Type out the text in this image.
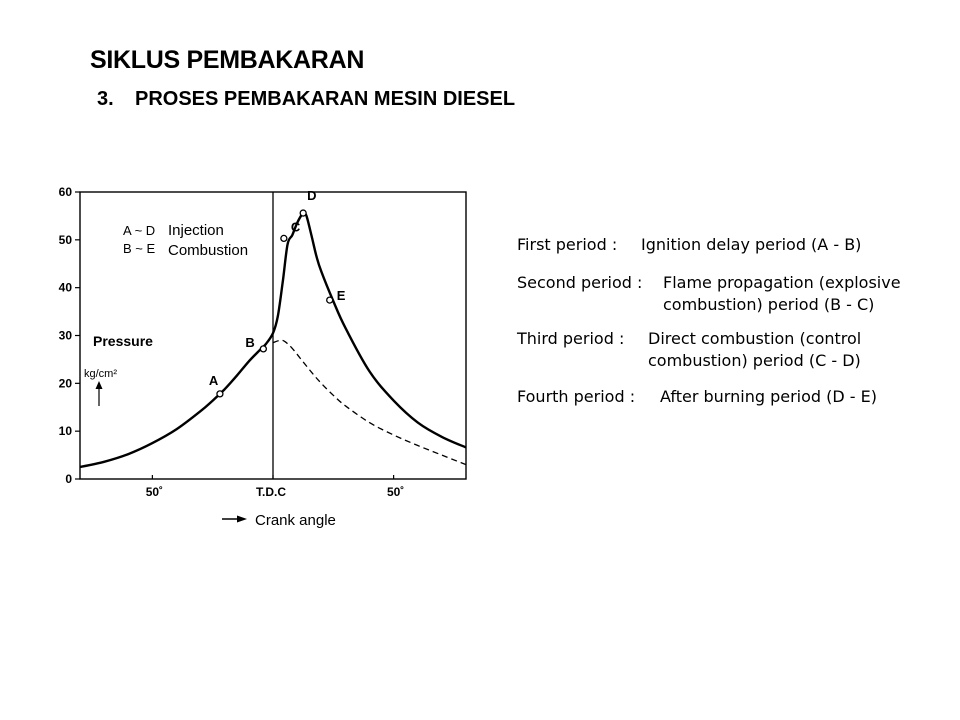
SIKLUS PEMBAKARAN
3. PROSES PEMBAKARAN MESIN DIESEL
0
10
20
30
40
50
60
50˚	T.D.C	50˚
A
B
C
D
E
A ~ D Injection
B ~ E Combustion
Pressure
kg/cm²
Crank angle
First period : Ignition delay period (A - B)
Second period : Flame propagation (explosive
combustion) period (B - C)
Third period : Direct combustion (control
combustion) period (C - D)
Fourth period : After burning period (D - E)
